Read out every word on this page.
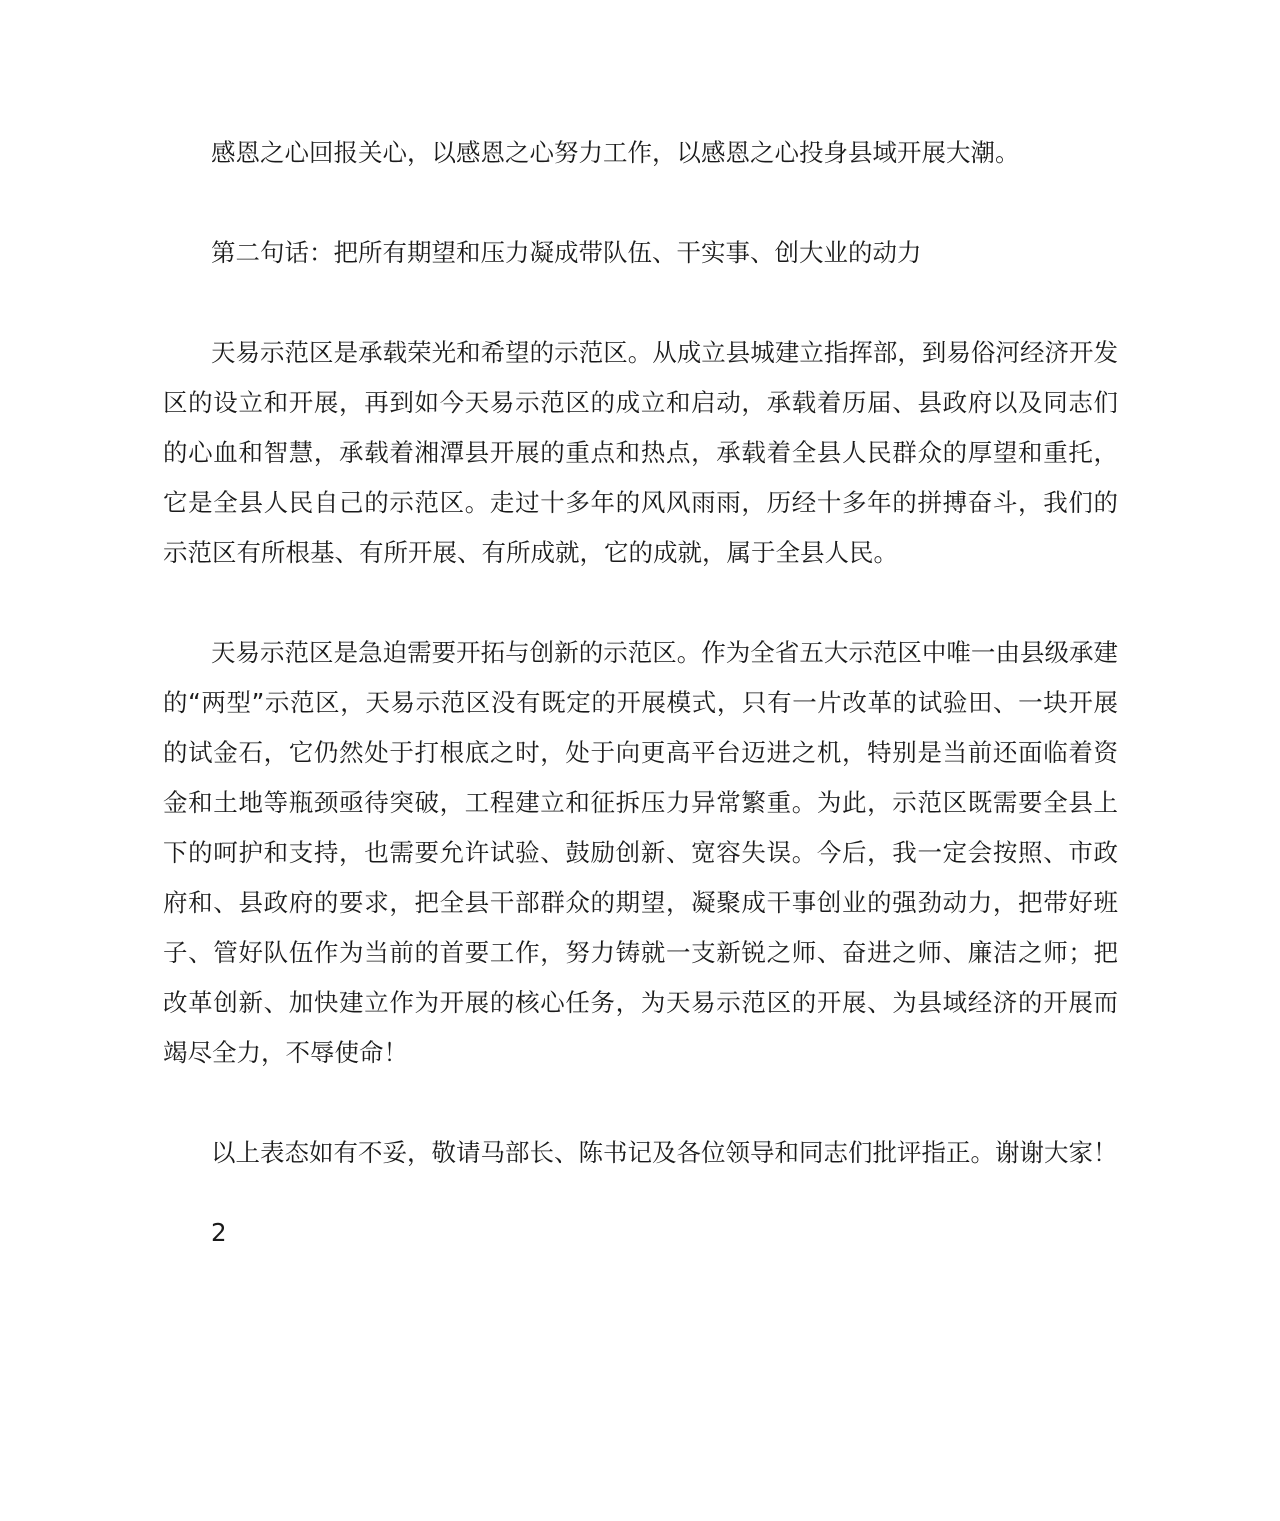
感恩之心回报关心，以感恩之心努力工作，以感恩之心投身县域开展大潮。

第二句话：把所有期望和压力凝成带队伍、干实事、创大业的动力

天易示范区是承载荣光和希望的示范区。从成立县城建立指挥部，到易俗河经济开发区的设立和开展，再到如今天易示范区的成立和启动，承载着历届、县政府以及同志们的心血和智慧，承载着湘潭县开展的重点和热点，承载着全县人民群众的厚望和重托，它是全县人民自己的示范区。走过十多年的风风雨雨，历经十多年的拼搏奋斗，我们的示范区有所根基、有所开展、有所成就，它的成就，属于全县人民。

天易示范区是急迫需要开拓与创新的示范区。作为全省五大示范区中唯一由县级承建的“两型”示范区，天易示范区没有既定的开展模式，只有一片改革的试验田、一块开展的试金石，它仍然处于打根底之时，处于向更高平台迈进之机，特别是当前还面临着资金和土地等瓶颈亟待突破，工程建立和征拆压力异常繁重。为此，示范区既需要全县上下的呵护和支持，也需要允许试验、鼓励创新、宽容失误。今后，我一定会按照、市政府和、县政府的要求，把全县干部群众的期望，凝聚成干事创业的强劲动力，把带好班子、管好队伍作为当前的首要工作，努力铸就一支新锐之师、奋进之师、廉洁之师；把改革创新、加快建立作为开展的核心任务，为天易示范区的开展、为县域经济的开展而竭尽全力，不辱使命！

以上表态如有不妥，敬请马部长、陈书记及各位领导和同志们批评指正。谢谢大家！

2
